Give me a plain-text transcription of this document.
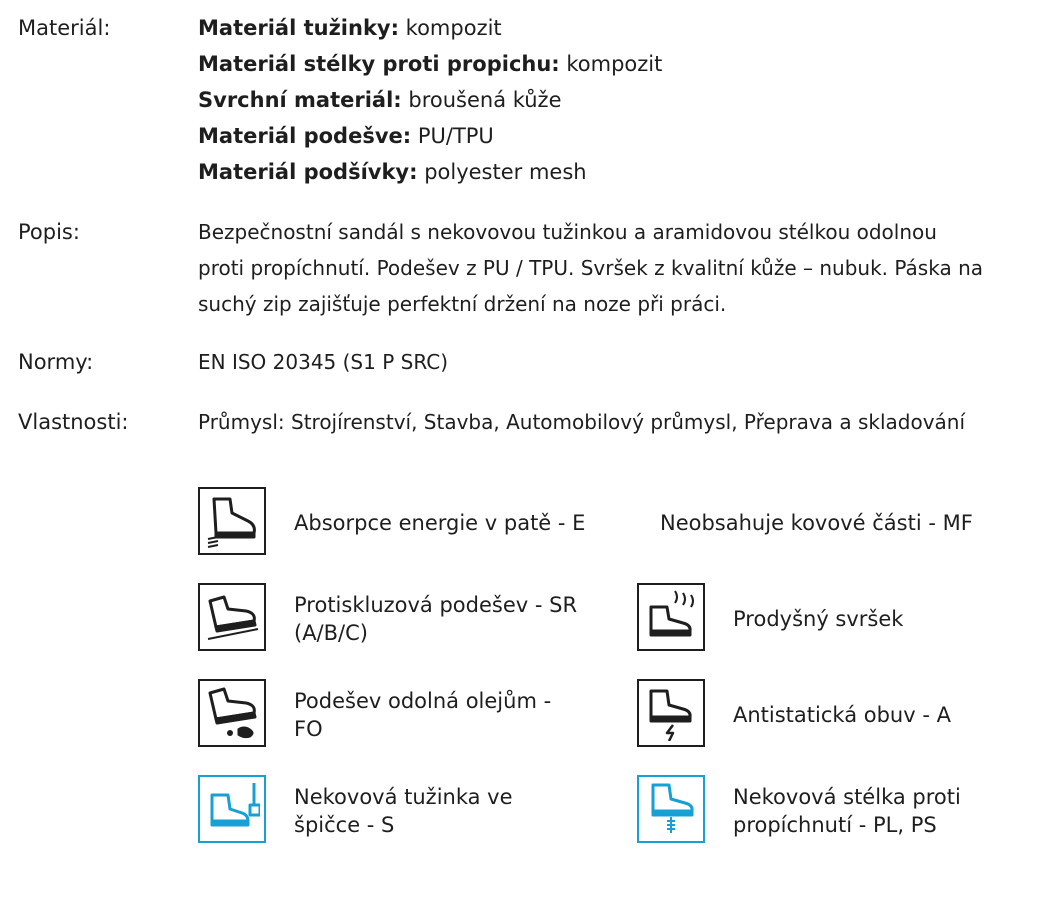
Materiál:	Materiál tužinky: kompozit
Materiál stélky proti propichu: kompozit
Svrchní materiál: broušená kůže
Materiál podešve: PU/TPU
Materiál podšívky: polyester mesh
Popis:	Bezpečnostní sandál s nekovovou tužinkou a aramidovou stélkou odolnou
proti propíchnutí. Podešev z PU / TPU. Svršek z kvalitní kůže – nubuk. Páska na
suchý zip zajišťuje perfektní držení na noze při práci.
Normy:	EN ISO 20345 (S1 P SRC)
Vlastnosti:	Průmysl: Strojírenství, Stavba, Automobilový průmysl, Přeprava a skladování
Absorpce energie v patě - E	Neobsahuje kovové části - MF
Protiskluzová podešev - SR (A/B/C)
Prodyšný svršek
Podešev odolná olejům - FO
Antistatická obuv - A
Nekovová tužinka ve špičce - S
Nekovová stélka proti propíchnutí - PL, PS
